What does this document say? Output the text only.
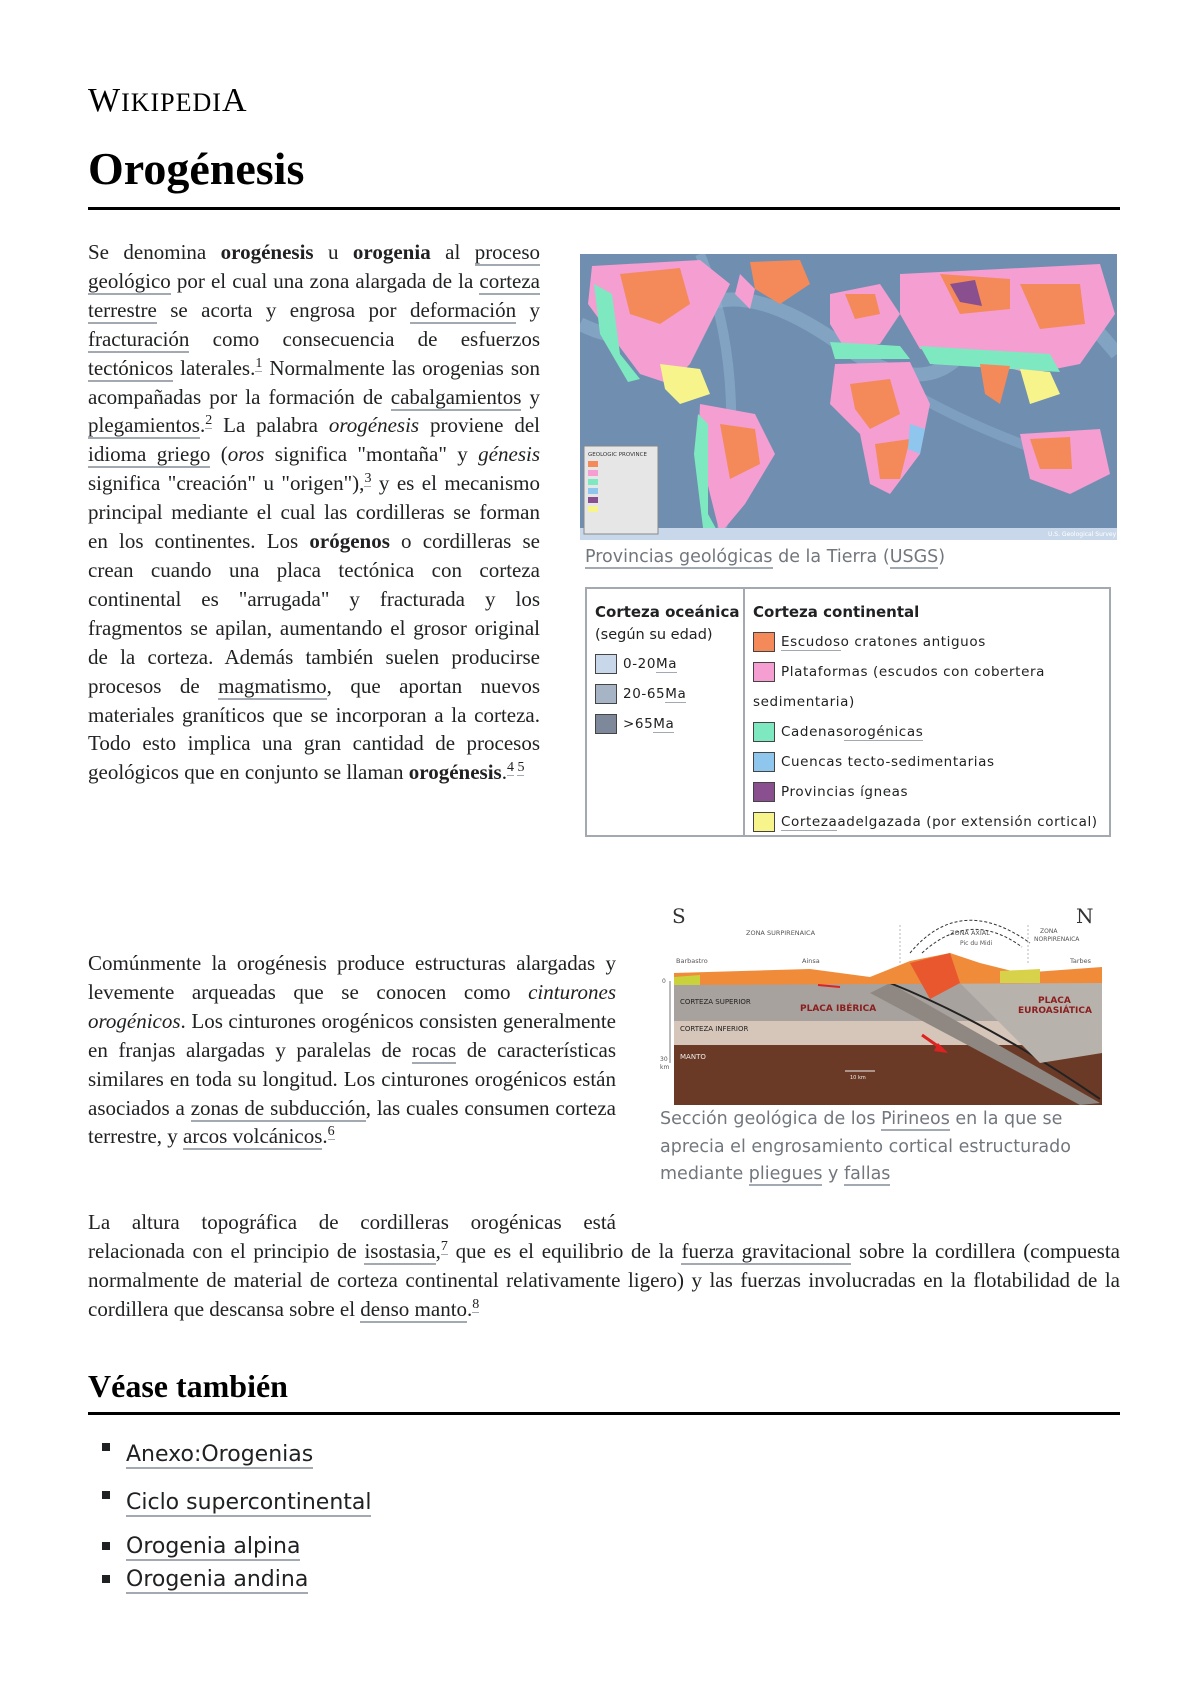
WIKIPEDIA
Orogénesis

Se denomina orogénesis u orogenia al proceso geológico por el cual una zona alargada de la corteza terrestre se acorta y engrosa por deformación y fracturación como consecuencia de esfuerzos tectónicos laterales.$^1$ Normalmente las orogenias son acompañadas por la formación de cabalgamientos y plegamientos.$^2$ La palabra orogénesis proviene del idioma griego (oros significa "montaña" y génesis significa "creación" u "origen"),$^3$ y es el mecanismo principal mediante el cual las cordilleras se forman en los continentes. Los orógenos o cordilleras se crean cuando una placa tectónica con corteza continental es "arrugada" y fracturada y los fragmentos se apilan, aumentando el grosor original de la corteza. Además también suelen producirse procesos de magmatismo, que aportan nuevos materiales graníticos que se incorporan a la corteza. Todo esto implica una gran cantidad de procesos geológicos que en conjunto se llaman orogénesis.$^{4 5}$

GEOLOGIC PROVINCE
U.S. Geological Survey
Provincias geológicas de la Tierra (USGS)
Corteza oceánica
(según su edad)
0-20 Ma
20-65 Ma
>65 Ma
Corteza continental
Escudos o cratones antiguos
Plataformas (escudos con cobertera
sedimentaria)
Cadenas orogénicas
Cuencas tecto-sedimentarias
Provincias ígneas
Corteza adelgazada (por extensión cortical)
S	N
ZONA SURPIRENAICA	ZONA AXIAL
Pic du Midi
ZONA
NORPIRENAICA
Barbastro	Ainsa	Tarbes
CORTEZA SUPERIOR
CORTEZA INFERIOR
MANTO
PLACA IBÉRICA
PLACA
EUROASIÁTICA
0
30
km
10 km
Sección geológica de los Pirineos en la que se aprecia el engrosamiento cortical estructurado mediante pliegues y fallas

Comúnmente la orogénesis produce estructuras alargadas y levemente arqueadas que se conocen como cinturones orogénicos. Los cinturones orogénicos consisten generalmente en franjas alargadas y paralelas de rocas de características similares en toda su longitud. Los cinturones orogénicos están asociados a zonas de subducción, las cuales consumen corteza terrestre, y arcos volcánicos.$^6$

La altura topográfica de cordilleras orogénicas está relacionada con el principio de isostasia,$^7$ que es el equilibrio de la fuerza gravitacional sobre la cordillera (compuesta normalmente de material de corteza continental relativamente ligero) y las fuerzas involucradas en la flotabilidad de la cordillera que descansa sobre el denso manto.$^8$

Véase también
Anexo:Orogenias
Ciclo supercontinental
Orogenia alpina
Orogenia andina
